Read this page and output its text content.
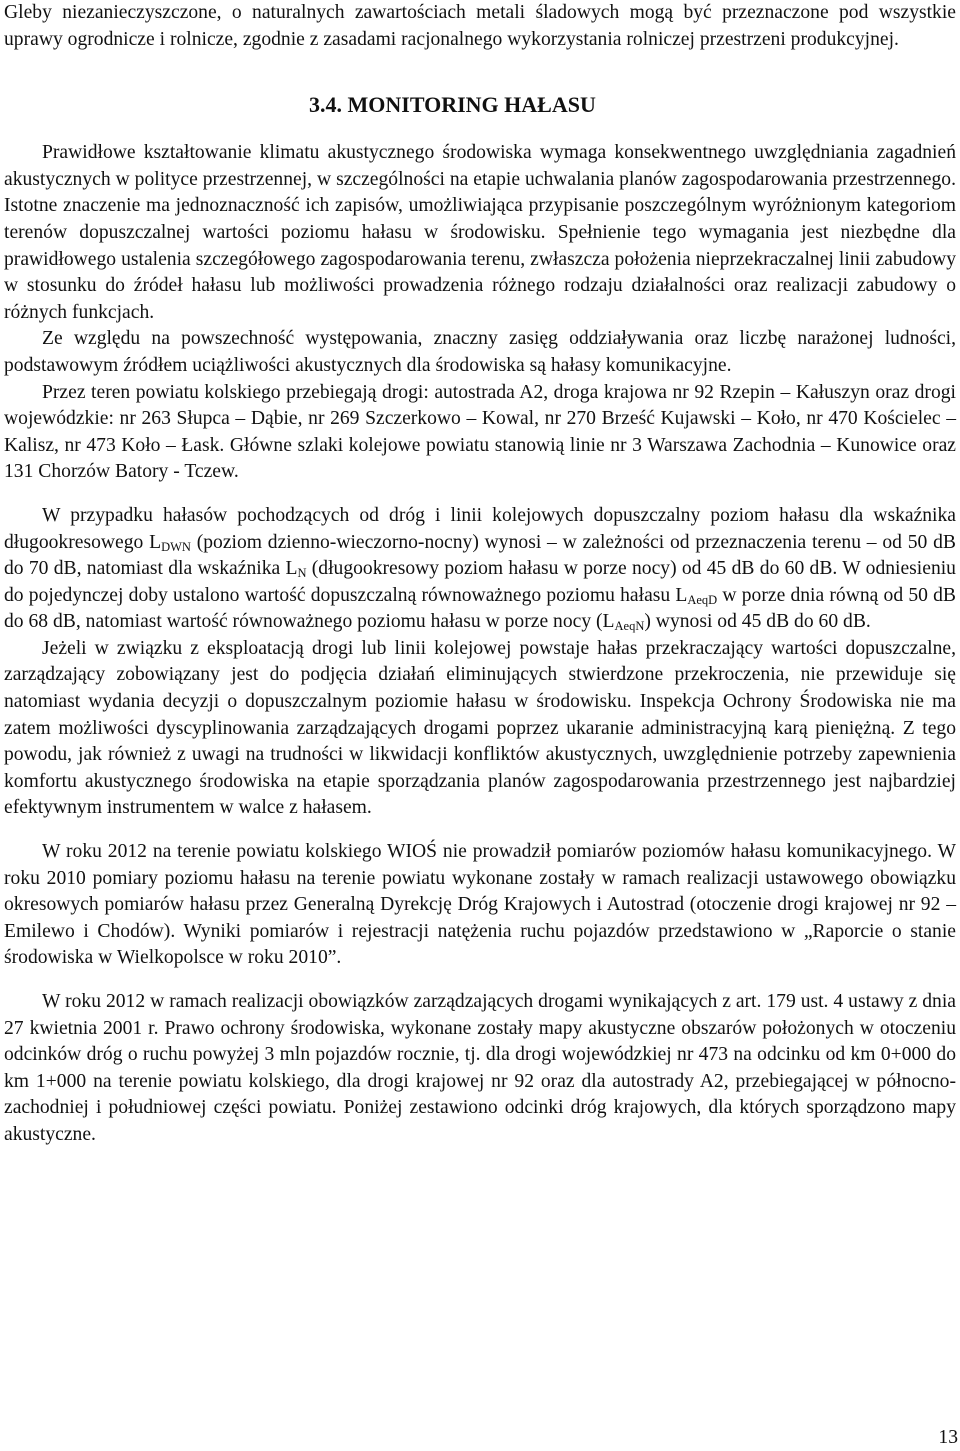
Gleby niezanieczyszczone, o naturalnych zawartościach metali śladowych mogą być przeznaczone pod wszystkie uprawy ogrodnicze i rolnicze, zgodnie z zasadami racjonalnego wykorzystania rolniczej przestrzeni produkcyjnej.

3.4. MONITORING HAŁASU

Prawidłowe kształtowanie klimatu akustycznego środowiska wymaga konsekwentnego uwzględniania zagadnień akustycznych w polityce przestrzennej, w szczególności na etapie uchwalania planów zagospodarowania przestrzennego. Istotne znaczenie ma jednoznaczność ich zapisów, umożliwiająca przypisanie poszczególnym wyróżnionym kategoriom terenów dopuszczalnej wartości poziomu hałasu w środowisku. Spełnienie tego wymagania jest niezbędne dla prawidłowego ustalenia szczegółowego zagospodarowania terenu, zwłaszcza położenia nieprzekraczalnej linii zabudowy w stosunku do źródeł hałasu lub możliwości prowadzenia różnego rodzaju działalności oraz realizacji zabudowy o różnych funkcjach.

Ze względu na powszechność występowania, znaczny zasięg oddziaływania oraz liczbę narażonej ludności, podstawowym źródłem uciążliwości akustycznych dla środowiska są hałasy komunikacyjne.

Przez teren powiatu kolskiego przebiegają drogi: autostrada A2, droga krajowa nr 92 Rzepin – Kałuszyn oraz drogi wojewódzkie: nr 263 Słupca – Dąbie, nr 269 Szczerkowo – Kowal, nr 270 Brześć Kujawski – Koło, nr 470 Kościelec – Kalisz, nr 473 Koło – Łask. Główne szlaki kolejowe powiatu stanowią linie nr 3 Warszawa Zachodnia – Kunowice oraz 131 Chorzów Batory - Tczew.

W przypadku hałasów pochodzących od dróg i linii kolejowych dopuszczalny poziom hałasu dla wskaźnika długookresowego $L_{DWN}$ (poziom dzienno-wieczorno-nocny) wynosi – w zależności od przeznaczenia terenu – od 50 dB do 70 dB, natomiast dla wskaźnika $L_N$ (długookresowy poziom hałasu w porze nocy) od 45 dB do 60 dB. W odniesieniu do pojedynczej doby ustalono wartość dopuszczalną równoważnego poziomu hałasu $L_{AeqD}$ w porze dnia równą od 50 dB do 68 dB, natomiast wartość równoważnego poziomu hałasu w porze nocy $(L_{AeqN})$ wynosi od 45 dB do 60 dB.

Jeżeli w związku z eksploatacją drogi lub linii kolejowej powstaje hałas przekraczający wartości dopuszczalne, zarządzający zobowiązany jest do podjęcia działań eliminujących stwierdzone przekroczenia, nie przewiduje się natomiast wydania decyzji o dopuszczalnym poziomie hałasu w środowisku. Inspekcja Ochrony Środowiska nie ma zatem możliwości dyscyplinowania zarządzających drogami poprzez ukaranie administracyjną karą pieniężną. Z tego powodu, jak również z uwagi na trudności w likwidacji konfliktów akustycznych, uwzględnienie potrzeby zapewnienia komfortu akustycznego środowiska na etapie sporządzania planów zagospodarowania przestrzennego jest najbardziej efektywnym instrumentem w walce z hałasem.

W roku 2012 na terenie powiatu kolskiego WIOŚ nie prowadził pomiarów poziomów hałasu komunikacyjnego. W roku 2010 pomiary poziomu hałasu na terenie powiatu wykonane zostały w ramach realizacji ustawowego obowiązku okresowych pomiarów hałasu przez Generalną Dyrekcję Dróg Krajowych i Autostrad (otoczenie drogi krajowej nr 92 – Emilewo i Chodów). Wyniki pomiarów i rejestracji natężenia ruchu pojazdów przedstawiono w „Raporcie o stanie środowiska w Wielkopolsce w roku 2010”.

W roku 2012 w ramach realizacji obowiązków zarządzających drogami wynikających z art. 179 ust. 4 ustawy z dnia 27 kwietnia 2001 r. Prawo ochrony środowiska, wykonane zostały mapy akustyczne obszarów położonych w otoczeniu odcinków dróg o ruchu powyżej 3 mln pojazdów rocznie, tj. dla drogi wojewódzkiej nr 473 na odcinku od km 0+000 do km 1+000 na terenie powiatu kolskiego, dla drogi krajowej nr 92 oraz dla autostrady A2, przebiegającej w północno-zachodniej i południowej części powiatu. Poniżej zestawiono odcinki dróg krajowych, dla których sporządzono mapy akustyczne.

13
